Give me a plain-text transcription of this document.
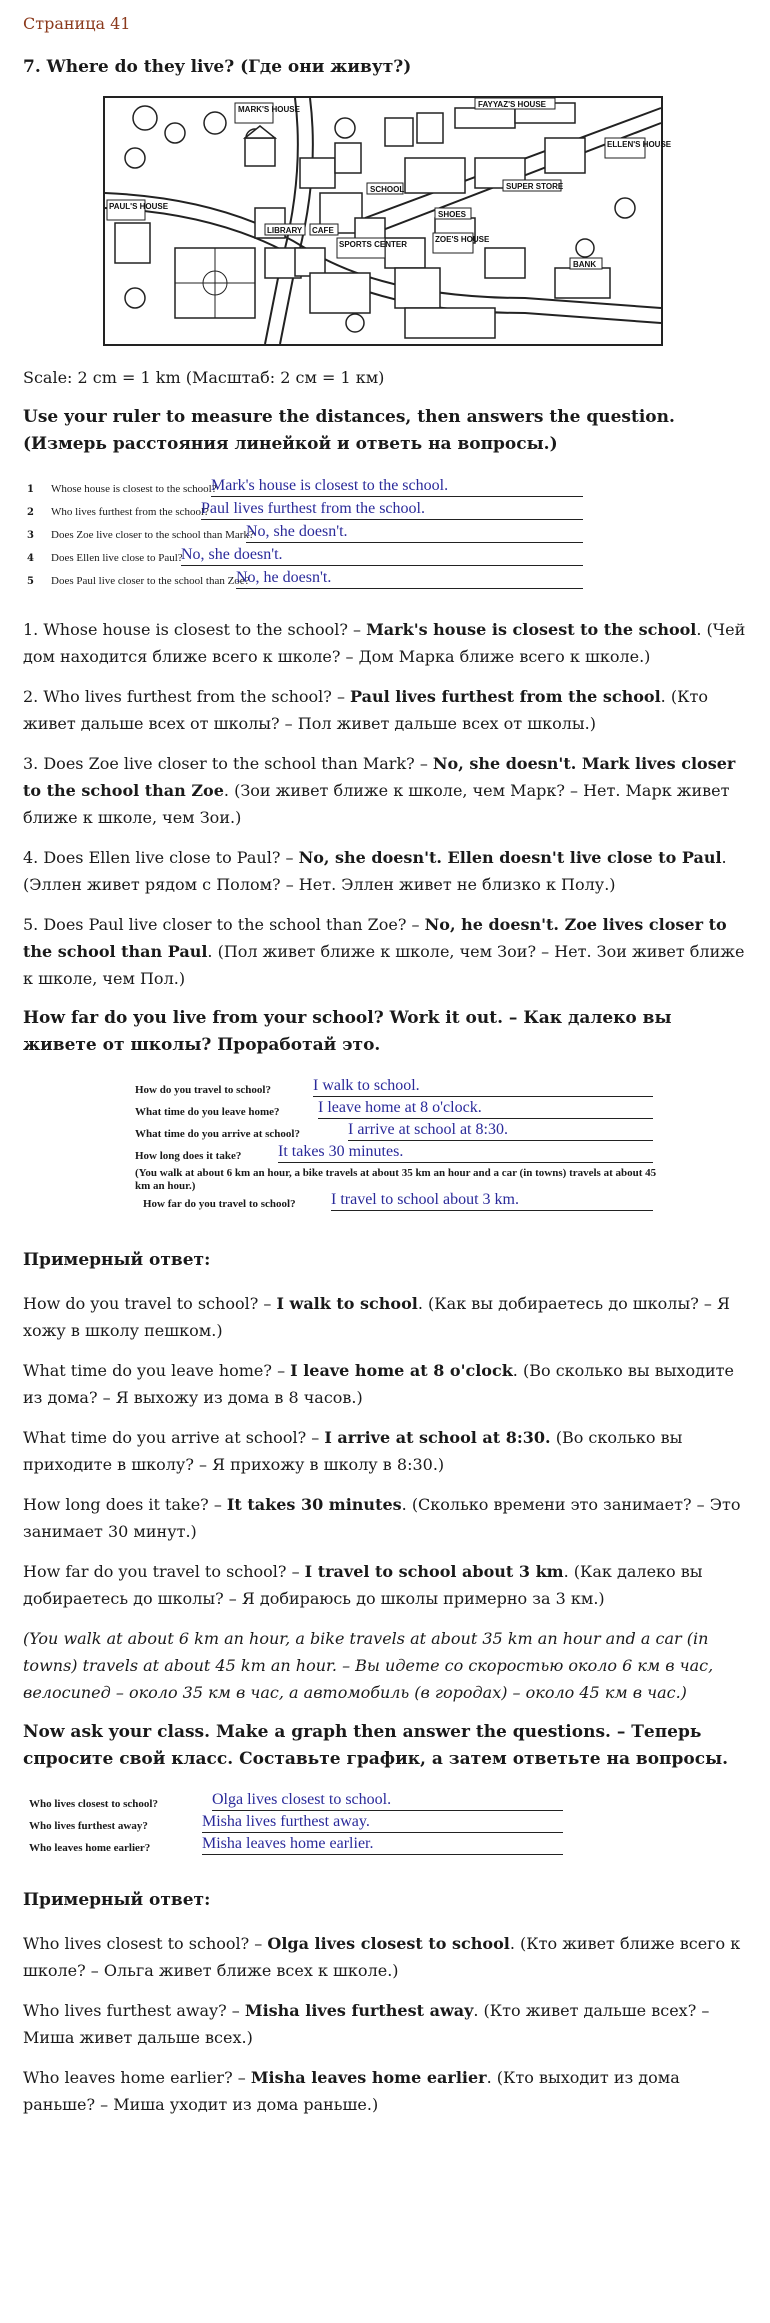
Страница 41
7. Where do they live? (Где они живут?)
MARK'S HOUSE
FAYYAZ'S HOUSE
ELLEN'S HOUSE
SCHOOL	SUPER STORE
PAUL'S HOUSE
LIBRARY CAFE
SHOES
ZOE'S HOUSE
SPORTS CENTER
BANK

Scale: 2 cm = 1 km (Масштаб: 2 см = 1 км)

Use your ruler to measure the distances, then answers the question. (Измерь расстояния линейкой и ответь на вопросы.)

1 Whose house is closest to the school?
Mark's house is closest to the school.
2 Who lives furthest from the school?
Paul lives furthest from the school.
3 Does Zoe live closer to the school than Mark?
No, she doesn't.
4 Does Ellen live close to Paul?
No, she doesn't.
5 Does Paul live closer to the school than Zoe?
No, he doesn't.

1. Whose house is closest to the school? – Mark's house is closest to the school. (Чей дом находится ближе всего к школе? – Дом Марка ближе всего к школе.)

2. Who lives furthest from the school? – Paul lives furthest from the school. (Кто живет дальше всех от школы? – Пол живет дальше всех от школы.)

3. Does Zoe live closer to the school than Mark? – No, she doesn't. Mark lives closer to the school than Zoe. (Зои живет ближе к школе, чем Марк? – Нет. Марк живет ближе к школе, чем Зои.)

4. Does Ellen live close to Paul? – No, she doesn't. Ellen doesn't live close to Paul. (Эллен живет рядом с Полом? – Нет. Эллен живет не близко к Полу.)

5. Does Paul live closer to the school than Zoe? – No, he doesn't. Zoe lives closer to the school than Paul. (Пол живет ближе к школе, чем Зои? – Нет. Зои живет ближе к школе, чем Пол.)

How far do you live from your school? Work it out. – Как далеко вы живете от школы? Проработай это.

How do you travel to school?	I walk to school.
What time do you leave home? I leave home at 8 o'clock.
What time do you arrive at school?	I arrive at school at 8:30.
How long does it take? It takes 30 minutes.
(You walk at about 6 km an hour, a bike travels at about 35 km an hour and a car (in towns) travels at about 45 km an hour.)
How far do you travel to school? I travel to school about 3 km.

Примерный ответ:

How do you travel to school? – I walk to school. (Как вы добираетесь до школы? – Я хожу в школу пешком.)

What time do you leave home? – I leave home at 8 o'clock. (Во сколько вы выходите из дома? – Я выхожу из дома в 8 часов.)

What time do you arrive at school? – I arrive at school at 8:30. (Во сколько вы приходите в школу? – Я прихожу в школу в 8:30.)

How long does it take? – It takes 30 minutes. (Сколько времени это занимает? – Это занимает 30 минут.)

How far do you travel to school? – I travel to school about 3 km. (Как далеко вы добираетесь до школы? – Я добираюсь до школы примерно за 3 км.)

(You walk at about 6 km an hour, a bike travels at about 35 km an hour and a car (in towns) travels at about 45 km an hour. – Вы идете со скоростью около 6 км в час, велосипед – около 35 км в час, а автомобиль (в городах) – около 45 км в час.)

Now ask your class. Make a graph then answer the questions. – Теперь спросите свой класс. Составьте график, а затем ответьте на вопросы.

Who lives closest to school?	Olga lives closest to school.
Who lives furthest away?	Misha lives furthest away.
Who leaves home earlier?	Misha leaves home earlier.

Примерный ответ:

Who lives closest to school? – Olga lives closest to school. (Кто живет ближе всего к школе? – Ольга живет ближе всех к школе.)

Who lives furthest away? – Misha lives furthest away. (Кто живет дальше всех? – Миша живет дальше всех.)

Who leaves home earlier? – Misha leaves home earlier. (Кто выходит из дома раньше? – Миша уходит из дома раньше.)
